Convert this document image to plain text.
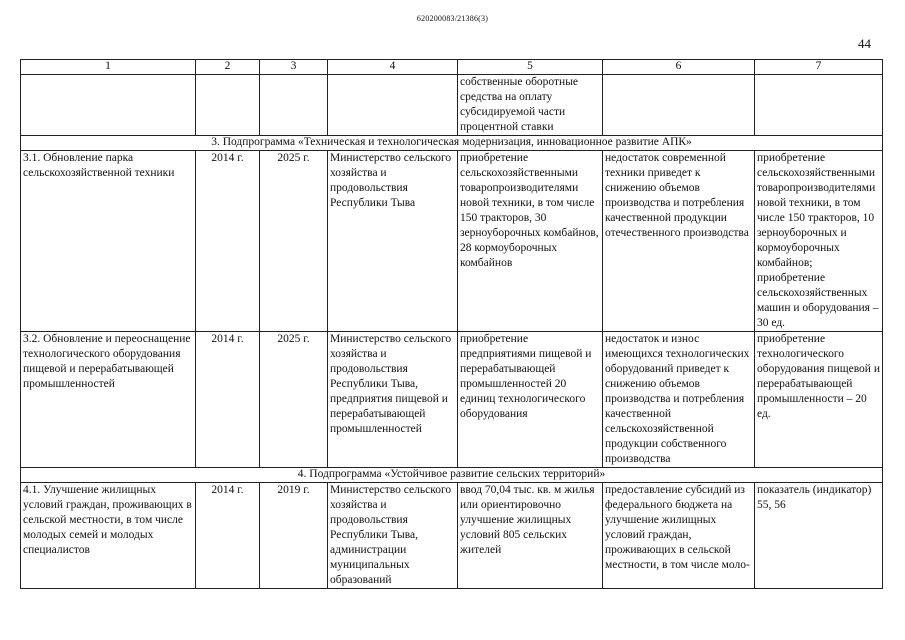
620200083/21386(3)
44
1	2	3	4	5	6	7
				собственные оборотные средства на оплату субсидируемой части процентной ставки		
3. Подпрограмма «Техническая и технологическая модернизация, инновационное развитие АПК»						
3.1. Обновление парка сельскохозяйственной техники	2014 г.	2025 г.	Министерство сельского хозяйства и продовольствия Республики Тыва	приобретение сельскохозяйственными товаропроизводителями новой техники, в том числе 150 тракторов, 30 зерноуборочных комбайнов, 28 кормоуборочных комбайнов	недостаток современной техники приведет к снижению объемов производства и потребления качественной продукции отечественного производства	приобретение сельскохозяйственными товаропроизводителями новой техники, в том числе 150 тракторов, 10 зерноуборочных и кормоуборочных комбайнов; приобретение сельскохозяйственных машин и оборудования – 30 ед.
3.2. Обновление и переоснащение технологического оборудования пищевой и перерабатывающей промышленностей	2014 г.	2025 г.	Министерство сельского хозяйства и продовольствия Республики Тыва, предприятия пищевой и перерабатывающей промышленностей	приобретение предприятиями пищевой и перерабатывающей промышленностей 20 единиц технологического оборудования	недостаток и износ имеющихся технологических оборудований приведет к снижению объемов производства и потребления качественной сельскохозяйственной продукции собственного производства	приобретение технологического оборудования пищевой и перерабатывающей промышленности – 20 ед.
4. Подпрограмма «Устойчивое развитие сельских территорий»						
4.1. Улучшение жилищных условий граждан, проживающих в сельской местности, в том числе молодых семей и молодых специалистов	2014 г.	2019 г.	Министерство сельского хозяйства и продовольствия Республики Тыва, администрации муниципальных образований	ввод 70,04 тыс. кв. м жилья или ориентировочно улучшение жилищных условий 805 сельских жителей	предоставление субсидий из федерального бюджета на улучшение жилищных условий граждан, проживающих в сельской местности, в том числе моло-	показатель (индикатор) 55, 56
